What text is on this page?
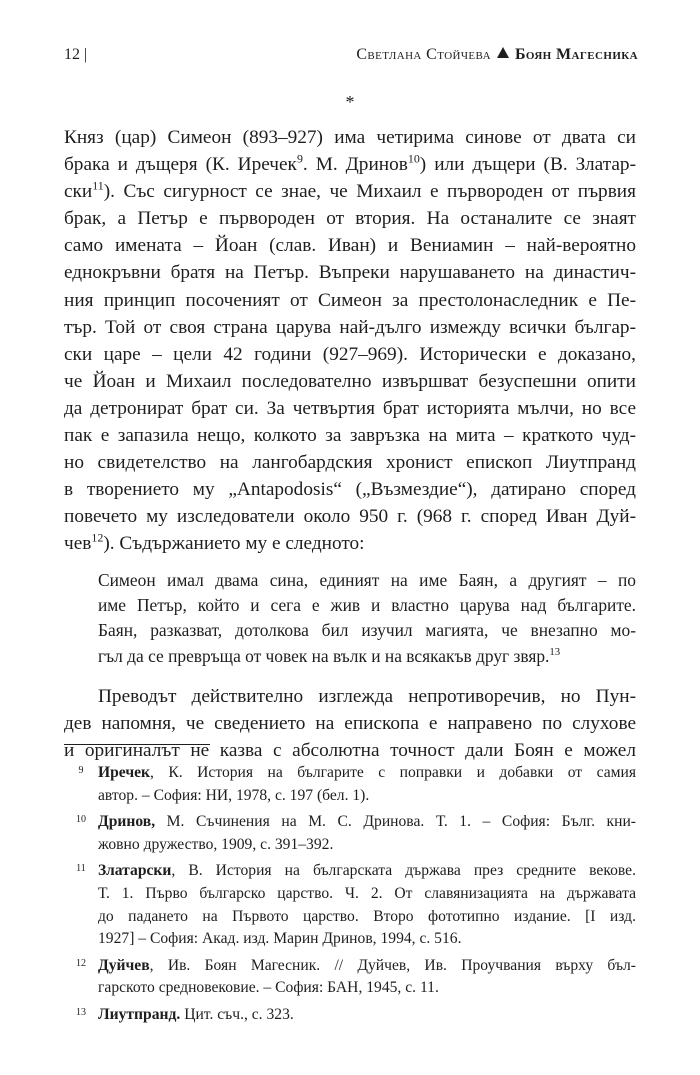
12 |	Светлана Стойчева Боян Магесника
*

Княз (цар) Симеон (893–927) има четирима синове от двата си
брака и дъщеря (К. Иречек$^9$. М. Дринов$^{10}$) или дъщери (В. Златар-
ски$^{11}$). Със сигурност се знае, че Михаил е първороден от първия
брак, а Петър е първороден от втория. На останалите се знаят
само имената – Йоан (слав. Иван) и Вениамин – най-вероятно
еднокръвни братя на Петър. Въпреки нарушаването на династич-
ния принцип посоченият от Симеон за престолонаследник е Пе-
тър. Той от своя страна царува най-дълго измежду всички българ-
ски царе – цели 42 години (927–969). Исторически е доказано,
че Йоан и Михаил последователно извършват безуспешни опити
да детронират брат си. За четвъртия брат историята мълчи, но все
пак е запазила нещо, колкото за завръзка на мита – краткото чуд-
но свидетелство на лангобардския хронист епископ Лиутпранд
в творението му „Antapodosis“ („Възмездие“), датирано според
повечето му изследователи около 950 г. (968 г. според Иван Дуй-
чев$^{12}$). Съдържанието му е следното:

Симеон имал двама сина, единият на име Баян, а другият – по
име Петър, който и сега е жив и властно царува над българите.
Баян, разказват, дотолкова бил изучил магията, че внезапно мо-
гъл да се превръща от човек на вълк и на всякакъв друг звяр.$^{13}$

Преводът действително изглежда непротиворечив, но Пун-
дев напомня, че сведението на епископа е направено по слухове
и оригиналът не казва с абсолютна точност дали Боян е можел

9 Иречек, К. История на българите с поправки и добавки от самия
автор. – София: НИ, 1978, с. 197 (бел. 1).
10 Дринов, М. Съчинения на М. С. Дринова. Т. 1. – София: Бълг. кни-
жовно дружество, 1909, с. 391–392.
11 Златарски, В. История на българската държава през средните векове.
Т. 1. Първо българско царство. Ч. 2. От славянизацията на държавата
до падането на Първото царство. Второ фототипно издание. [I изд.
1927] – София: Акад. изд. Марин Дринов, 1994, с. 516.
12 Дуйчев, Ив. Боян Магесник. // Дуйчев, Ив. Проучвания върху бъл-
гарското средновековие. – София: БАН, 1945, с. 11.
13 Лиутпранд. Цит. съч., с. 323.
